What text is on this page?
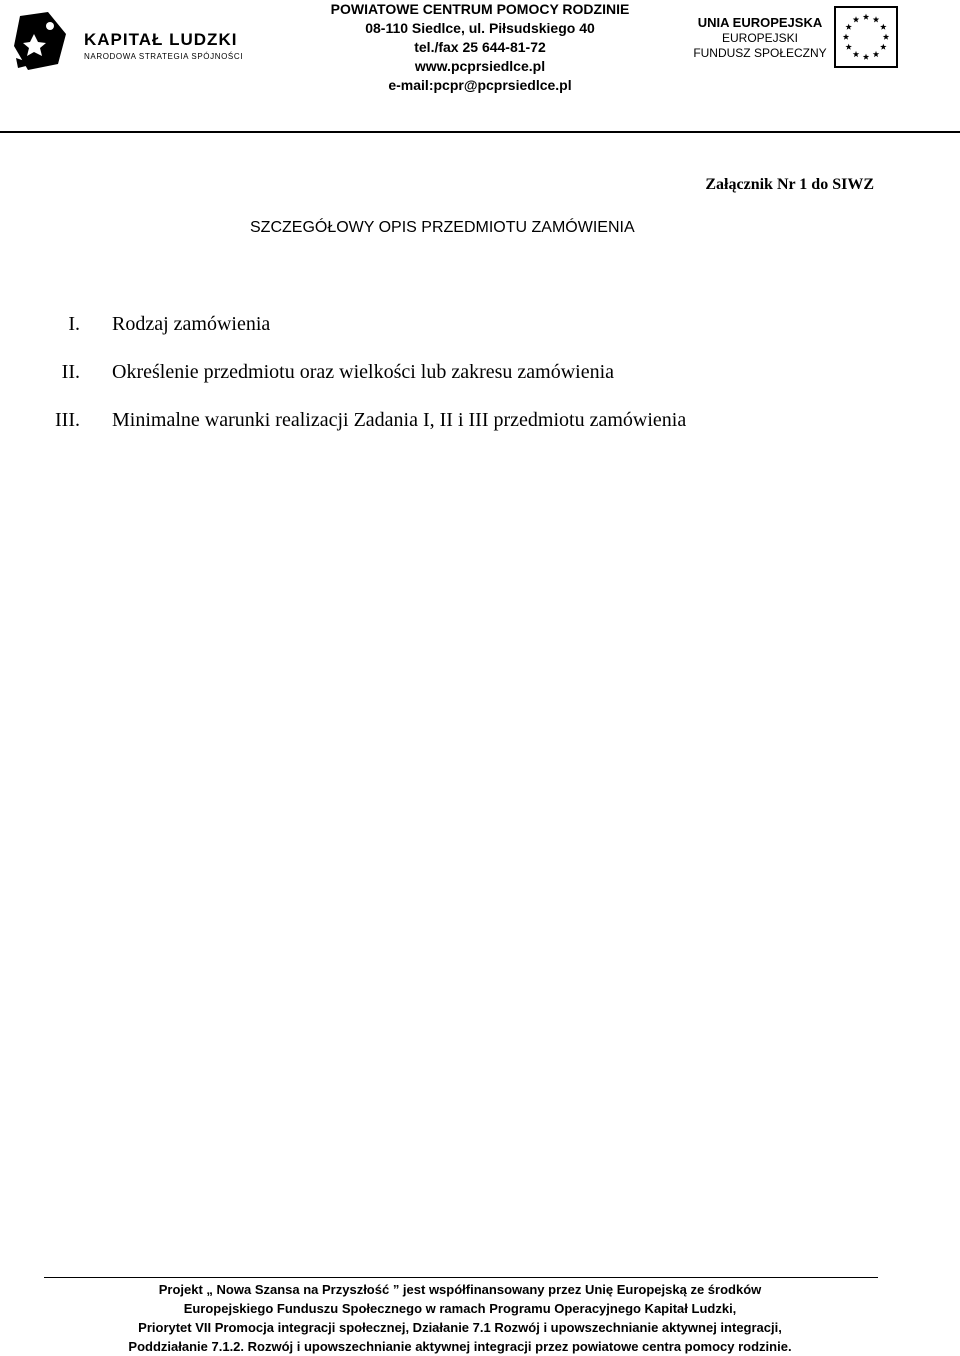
KAPITAŁ LUDZKI
NARODOWA STRATEGIA SPÓJNOŚCI
POWIATOWE CENTRUM POMOCY RODZINIE
08-110 Siedlce, ul. Piłsudskiego 40
tel./fax 25 644-81-72
www.pcprsiedlce.pl
e-mail:pcpr@pcprsiedlce.pl
UNIA EUROPEJSKA
EUROPEJSKI
FUNDUSZ SPOŁECZNY
Załącznik Nr 1 do SIWZ
SZCZEGÓŁOWY OPIS PRZEDMIOTU ZAMÓWIENIA
I. Rodzaj zamówienia
II. Określenie przedmiotu oraz wielkości lub zakresu zamówienia
III. Minimalne warunki realizacji Zadania I, II i III przedmiotu zamówienia
Projekt „ Nowa Szansa na Przyszłość ” jest współfinansowany przez Unię Europejską ze środków
Europejskiego Funduszu Społecznego w ramach Programu Operacyjnego Kapitał Ludzki,
Priorytet VII Promocja integracji społecznej, Działanie 7.1 Rozwój i upowszechnianie aktywnej integracji,
Poddziałanie 7.1.2. Rozwój i upowszechnianie aktywnej integracji przez powiatowe centra pomocy rodzinie.
